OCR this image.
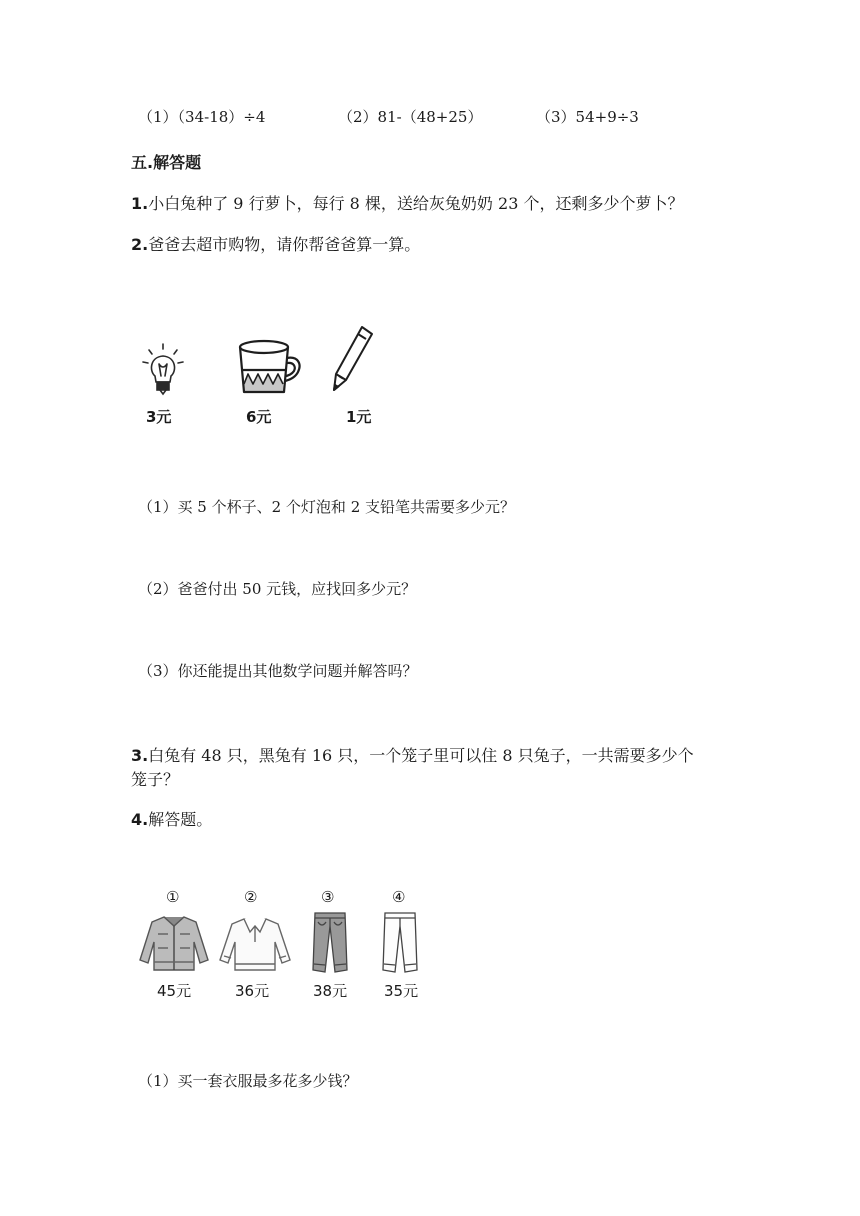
（1）（34-18）÷4	（2）81-（48+25）	（3）54+9÷3
五.解答题
1.小白兔种了 9 行萝卜，每行 8 棵，送给灰兔奶奶 23 个，还剩多少个萝卜？
2.爸爸去超市购物，请你帮爸爸算一算。
3元	6元	1元
（1）买 5 个杯子、2 个灯泡和 2 支铅笔共需要多少元？
（2）爸爸付出 50 元钱，应找回多少元？
（3）你还能提出其他数学问题并解答吗？
3.白兔有 48 只，黑兔有 16 只，一个笼子里可以住 8 只兔子，一共需要多少个
笼子？
4.解答题。
①	②	③	④
45元	36元	38元 35元
（1）买一套衣服最多花多少钱？
